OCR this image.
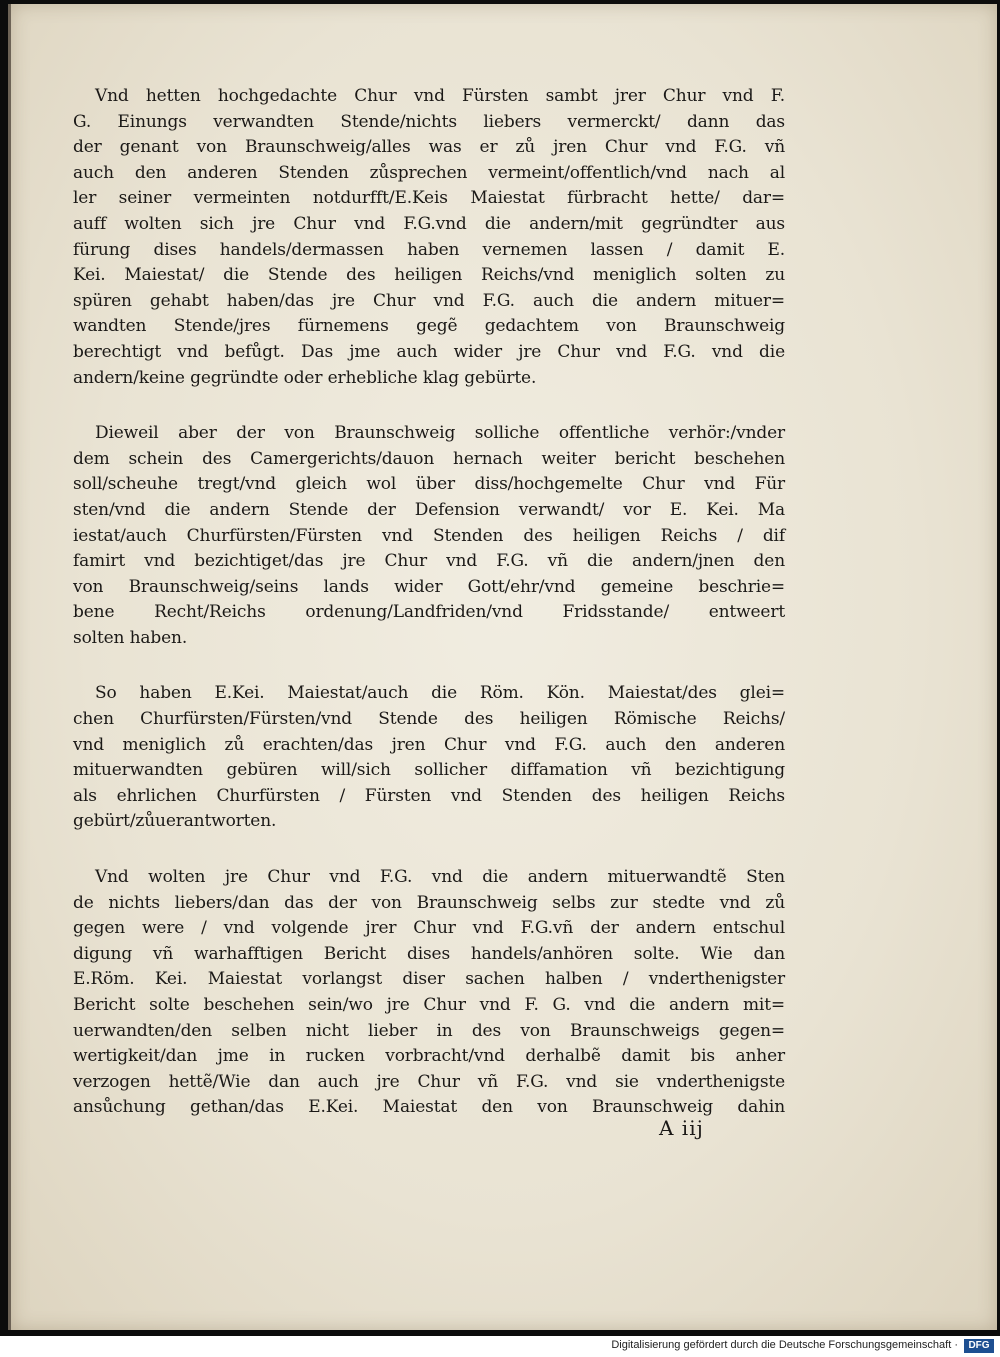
Vnd hetten hochgedachte Chur vnd Fürsten sambt jrer Chur vnd F.
G. Einungs verwandten Stende/nichts liebers vermerckt/ dann das
der genant von Braunschweig/alles was er zů jren Chur vnd F.G. vñ
auch den anderen Stenden zůsprechen vermeint/offentlich/vnd nach al
ler seiner vermeinten notdurfft/E.Keis Maiestat fürbracht hette/ dar=
auff wolten sich jre Chur vnd F.G.vnd die andern/mit gegründter aus
fürung dises handels/dermassen haben vernemen lassen / damit E.
Kei. Maiestat/ die Stende des heiligen Reichs/vnd meniglich solten zu
spüren gehabt haben/das jre Chur vnd F.G. auch die andern mituer=
wandten Stende/jres fürnemens gegẽ gedachtem von Braunschweig
berechtigt vnd befůgt. Das jme auch wider jre Chur vnd F.G. vnd die
andern/keine gegründte oder erhebliche klag gebürte.
Dieweil aber der von Braunschweig solliche offentliche verhör:/vnder
dem schein des Camergerichts/dauon hernach weiter bericht beschehen
soll/scheuhe tregt/vnd gleich wol über diss/hochgemelte Chur vnd Für
sten/vnd die andern Stende der Defension verwandt/ vor E. Kei. Ma
iestat/auch Churfürsten/Fürsten vnd Stenden des heiligen Reichs / dif
famirt vnd bezichtiget/das jre Chur vnd F.G. vñ die andern/jnen den
von Braunschweig/seins lands wider Gott/ehr/vnd gemeine beschrie=
bene Recht/Reichs ordenung/Landfriden/vnd Fridsstande/ entweert
solten haben.
So haben E.Kei. Maiestat/auch die Röm. Kön. Maiestat/des glei=
chen Churfürsten/Fürsten/vnd Stende des heiligen Römische Reichs/
vnd meniglich zů erachten/das jren Chur vnd F.G. auch den anderen
mituerwandten gebüren will/sich sollicher diffamation vñ bezichtigung
als ehrlichen Churfürsten / Fürsten vnd Stenden des heiligen Reichs
gebürt/zůuerantworten.
Vnd wolten jre Chur vnd F.G. vnd die andern mituerwandtẽ Sten
de nichts liebers/dan das der von Braunschweig selbs zur stedte vnd zů
gegen were / vnd volgende jrer Chur vnd F.G.vñ der andern entschul
digung vñ warhafftigen Bericht dises handels/anhören solte. Wie dan
E.Röm. Kei. Maiestat vorlangst diser sachen halben / vnderthenigster
Bericht solte beschehen sein/wo jre Chur vnd F. G. vnd die andern mit=
uerwandten/den selben nicht lieber in des von Braunschweigs gegen=
wertigkeit/dan jme in rucken vorbracht/vnd derhalbẽ damit bis anher
verzogen hettẽ/Wie dan auch jre Chur vñ F.G. vnd sie vnderthenigste
ansůchung gethan/das E.Kei. Maiestat den von Braunschweig dahin
A iij
Digitalisierung gefördert durch die Deutsche Forschungsgemeinschaft ·	DFG
